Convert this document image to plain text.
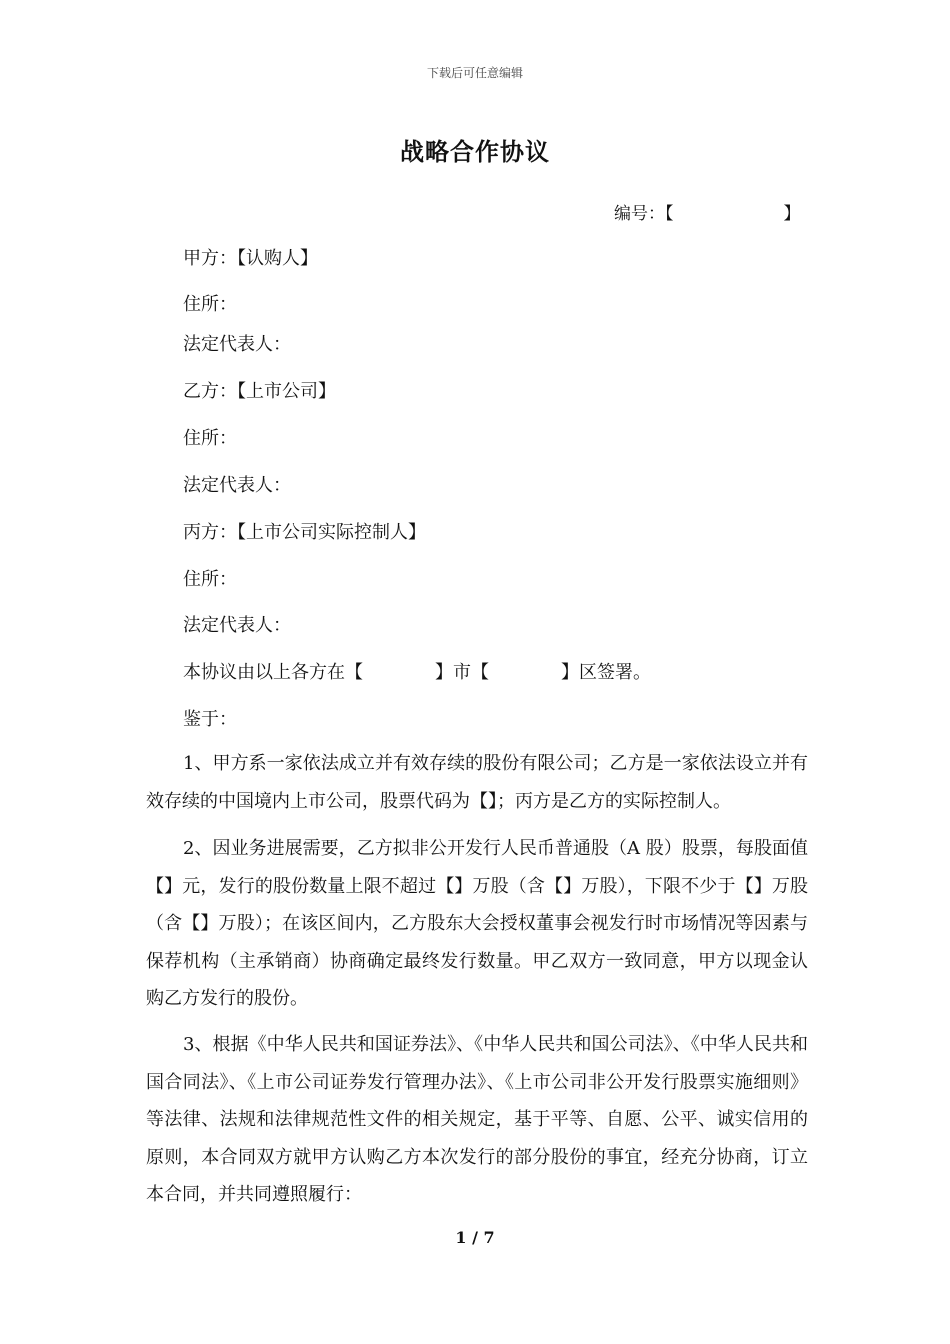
下载后可任意编辑
战略合作协议
编号：【	】
甲方：【认购人】
住所：
法定代表人：
乙方：【上市公司】
住所：
法定代表人：
丙方：【上市公司实际控制人】
住所：
法定代表人：
本协议由以上各方在【	】市【	】区签署。
鉴于：

1、甲方系一家依法成立并有效存续的股份有限公司；乙方是一家依法设立并有效存续的中国境内上市公司，股票代码为【】；丙方是乙方的实际控制人。

2、因业务进展需要，乙方拟非公开发行人民币普通股（A 股）股票，每股面值【】元，发行的股份数量上限不超过【】万股（含【】万股），下限不少于【】万股（含【】万股）；在该区间内，乙方股东大会授权董事会视发行时市场情况等因素与保荐机构（主承销商）协商确定最终发行数量。甲乙双方一致同意，甲方以现金认购乙方发行的股份。

3、根据《中华人民共和国证券法》、《中华人民共和国公司法》、《中华人民共和国合同法》、《上市公司证券发行管理办法》、《上市公司非公开发行股票实施细则》等法律、法规和法律规范性文件的相关规定，基于平等、自愿、公平、诚实信用的原则，本合同双方就甲方认购乙方本次发行的部分股份的事宜，经充分协商，订立本合同，并共同遵照履行：

1 / 7
